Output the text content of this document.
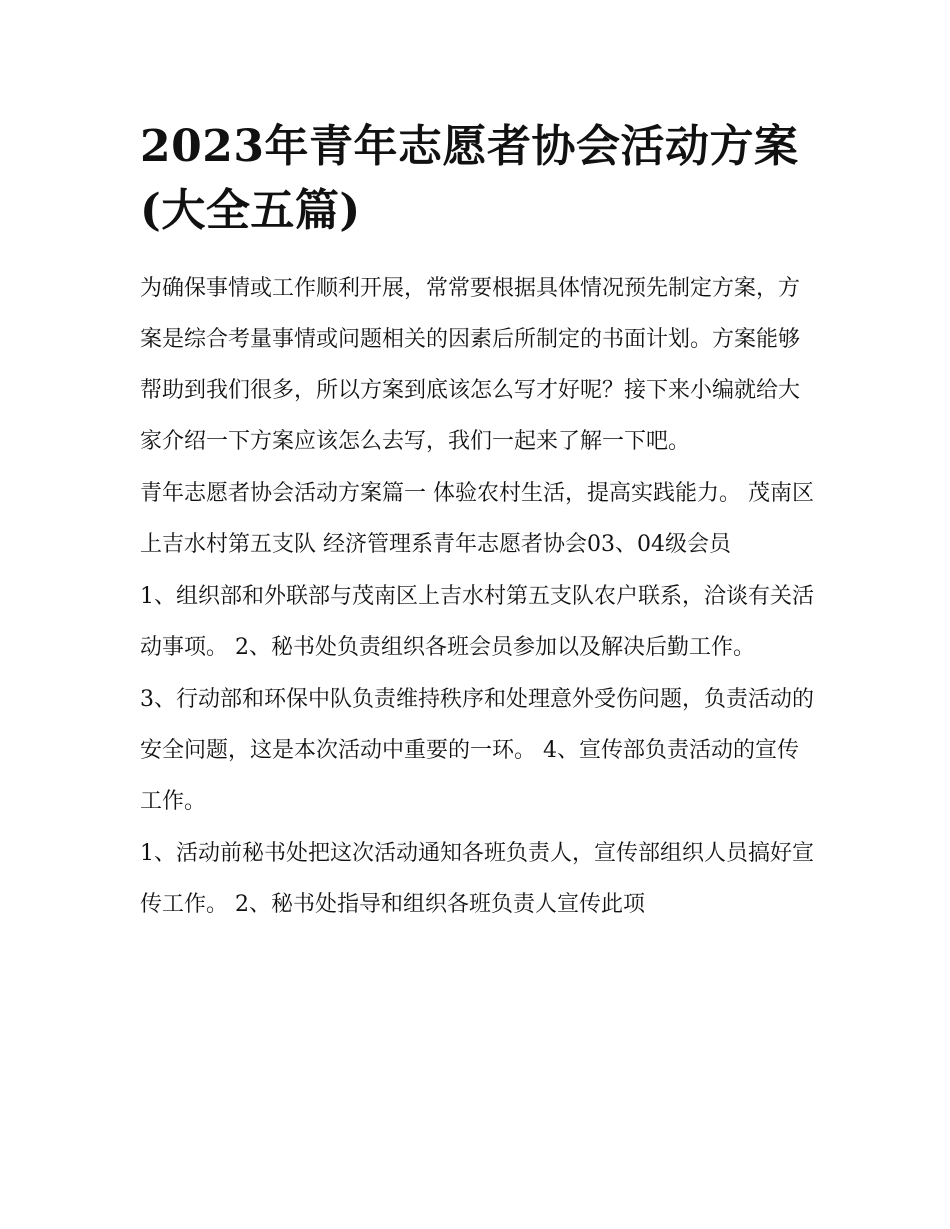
2023年青年志愿者协会活动方案(大全五篇)

为确保事情或工作顺利开展，常常要根据具体情况预先制定方案，方案是综合考量事情或问题相关的因素后所制定的书面计划。方案能够帮助到我们很多，所以方案到底该怎么写才好呢？接下来小编就给大家介绍一下方案应该怎么去写，我们一起来了解一下吧。

青年志愿者协会活动方案篇一 体验农村生活，提高实践能力。 茂南区上吉水村第五支队 经济管理系青年志愿者协会03、04级会员

1、组织部和外联部与茂南区上吉水村第五支队农户联系，洽谈有关活动事项。 2、秘书处负责组织各班会员参加以及解决后勤工作。

3、行动部和环保中队负责维持秩序和处理意外受伤问题，负责活动的安全问题，这是本次活动中重要的一环。 4、宣传部负责活动的宣传工作。

1、活动前秘书处把这次活动通知各班负责人，宣传部组织人员搞好宣传工作。 2、秘书处指导和组织各班负责人宣传此项
